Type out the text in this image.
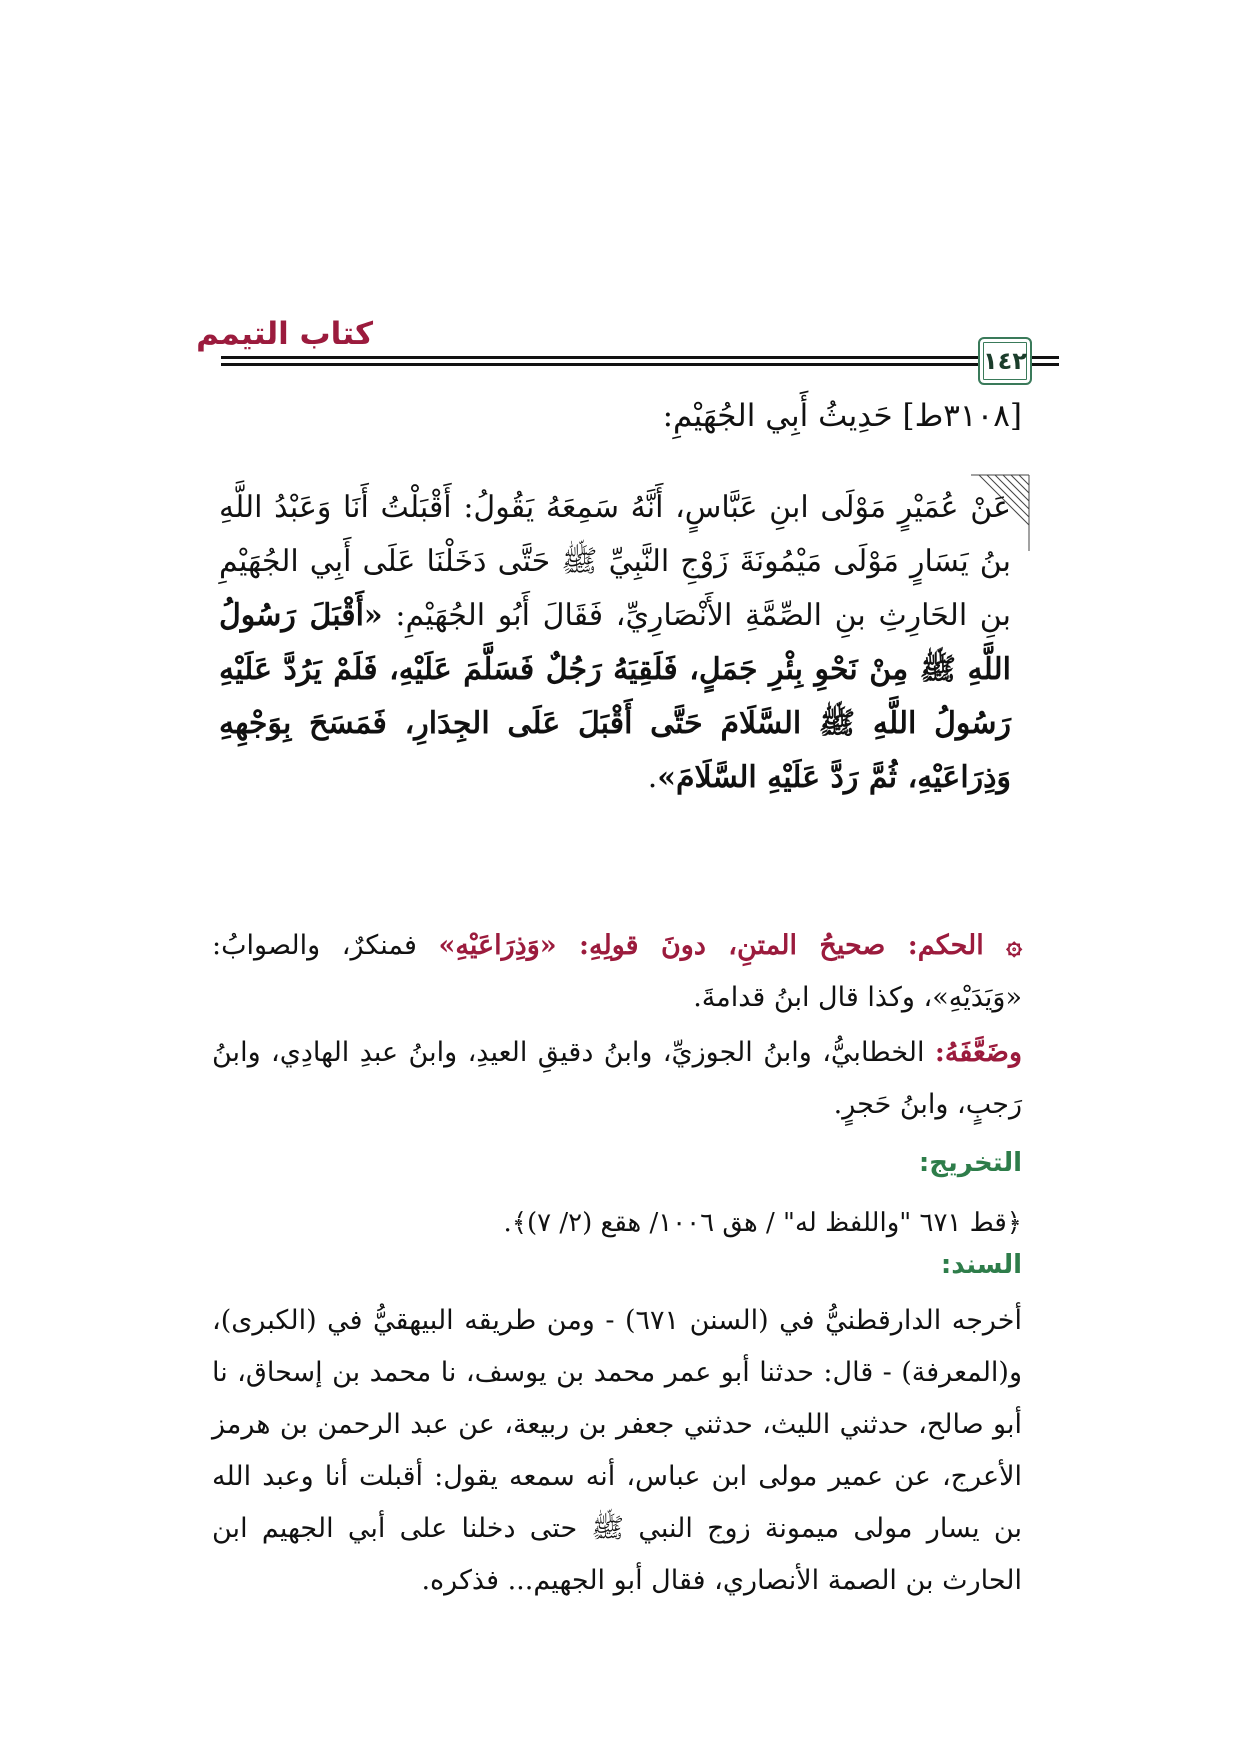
كتاب التيمم
١٤٢
[٣١٠٨ط] حَدِيثُ أَبِي الجُهَيْمِ:
عَنْ عُمَيْرٍ مَوْلَى ابنِ عَبَّاسٍ، أَنَّهُ سَمِعَهُ يَقُولُ: أَقْبَلْتُ أَنَا وَعَبْدُ اللَّهِ بنُ يَسَارٍ مَوْلَى مَيْمُونَةَ زَوْجِ النَّبِيِّ ﷺ حَتَّى دَخَلْنَا عَلَى أَبِي الجُهَيْمِ بنِ الحَارِثِ بنِ الصِّمَّةِ الأَنْصَارِيِّ، فَقَالَ أَبُو الجُهَيْمِ: «أَقْبَلَ رَسُولُ اللَّهِ ﷺ مِنْ نَحْوِ بِئْرِ جَمَلٍ، فَلَقِيَهُ رَجُلٌ فَسَلَّمَ عَلَيْهِ، فَلَمْ يَرُدَّ عَلَيْهِ رَسُولُ اللَّهِ ﷺ السَّلَامَ حَتَّى أَقْبَلَ عَلَى الجِدَارِ، فَمَسَحَ بِوَجْهِهِ وَذِرَاعَيْهِ، ثُمَّ رَدَّ عَلَيْهِ السَّلَامَ».
۞ الحكم: صحيحُ المتنِ، دونَ قولِهِ: «وَذِرَاعَيْهِ» فمنكرٌ، والصوابُ: «وَيَدَيْهِ»، وكذا قال ابنُ قدامةَ.
وضَعَّفَهُ: الخطابيُّ، وابنُ الجوزيِّ، وابنُ دقيقِ العيدِ، وابنُ عبدِ الهادِي، وابنُ رَجبٍ، وابنُ حَجرٍ.
التخريج:
﴿قط ٦٧١ "واللفظ له" / هق ١٠٠٦/ هقع (٢/ ٧)﴾.
السند:
أخرجه الدارقطنيُّ في (السنن ٦٧١) - ومن طريقه البيهقيُّ في (الكبرى)، و(المعرفة) - قال: حدثنا أبو عمر محمد بن يوسف، نا محمد بن إسحاق، نا أبو صالح، حدثني الليث، حدثني جعفر بن ربيعة، عن عبد الرحمن بن هرمز الأعرج، عن عمير مولى ابن عباس، أنه سمعه يقول: أقبلت أنا وعبد الله بن يسار مولى ميمونة زوج النبي ﷺ حتى دخلنا على أبي الجهيم ابن الحارث بن الصمة الأنصاري، فقال أبو الجهيم... فذكره.
